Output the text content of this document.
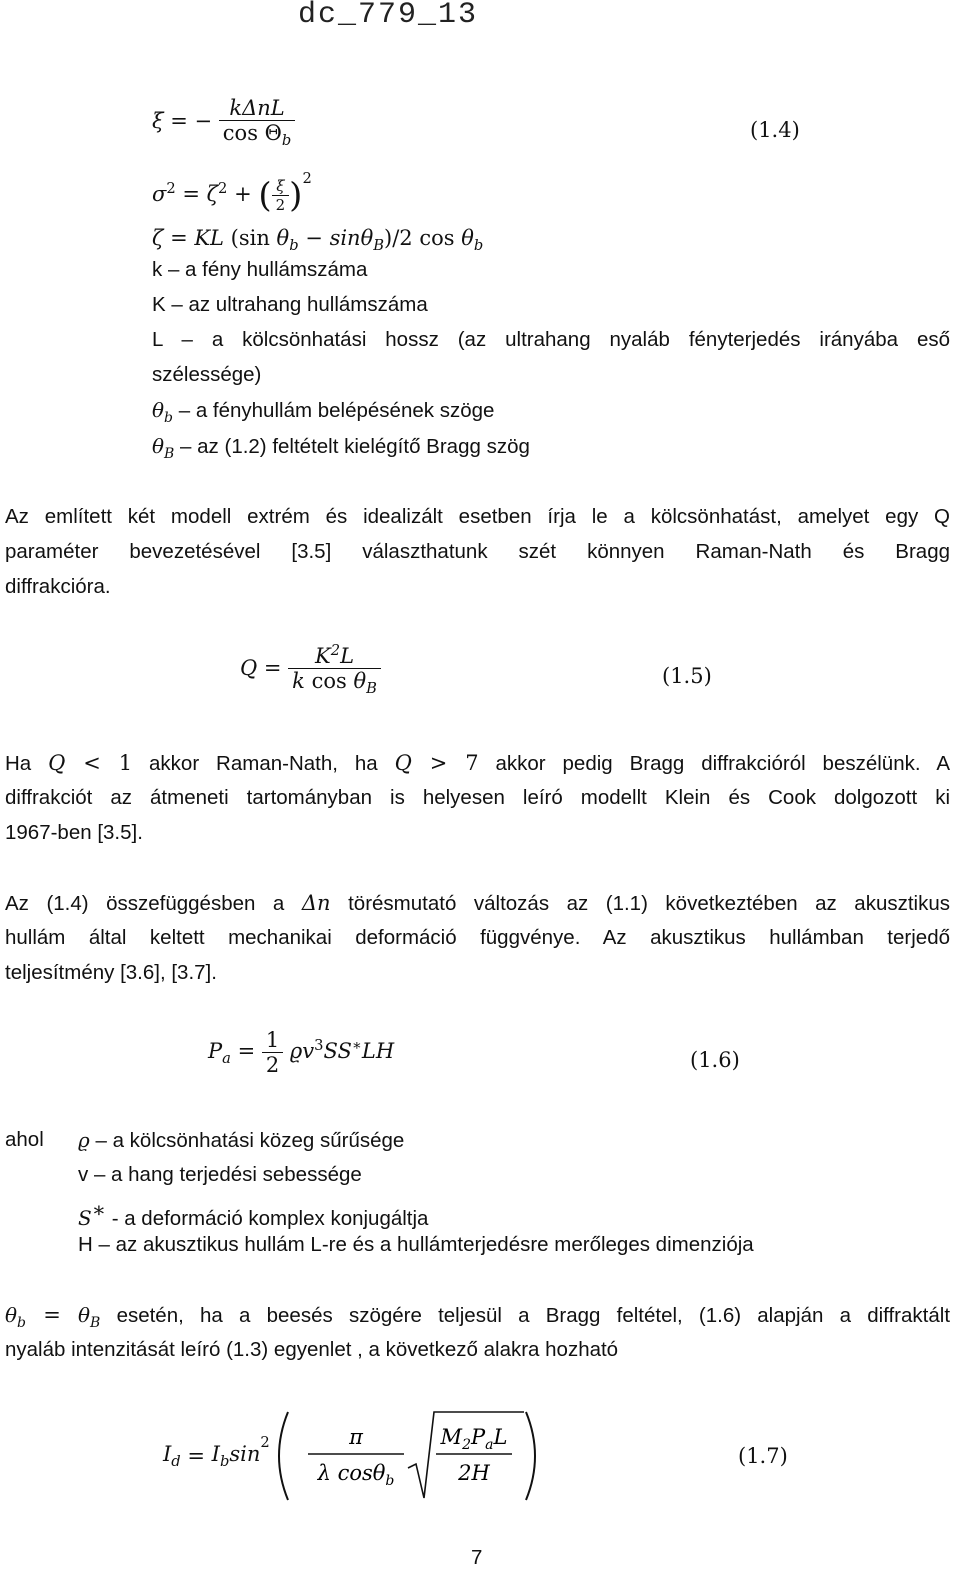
dc_779_13
ξ = − $\frac{\text{kΔnL}}{\cos \Theta_b}$	(1.4)
$\sigma^2 = \zeta^2$ + ( $\frac{\xi}{2} )^2$
ζ = KL (sin $\theta_b - \sin\theta_B)/2$ $\cos \theta_b$
k – a fény hullámszáma
K – az ultrahang hullámszáma
L – a kölcsönhatási hossz (az ultrahang nyaláb fényterjedés irányába eső
szélessége)
$\theta_b$ – a fényhullám belépésének szöge
$\theta_B$ – az (1.2) feltételt kielégítő Bragg szög
Az említett két modell extrém és idealizált esetben írja le a kölcsönhatást, amelyet egy Q
paraméter bevezetésével [3.5] választhatunk szét könnyen Raman-Nath és Bragg
diffrakcióra.
$Q = \frac{K^2L}{k \cos \theta_B}$	(1.5)
Ha Q < 1 akkor Raman-Nath, ha Q > 7 akkor pedig Bragg diffrakcióról beszélünk. A
diffrakciót az átmeneti tartományban is helyesen leíró modellt Klein és Cook dolgozott ki
1967-ben [3.5].
Az (1.4) összefüggésben a Δn törésmutató változás az (1.1) következtében az akusztikus
hullám által keltett mechanikai deformáció függvénye. Az akusztikus hullámban terjedő
teljesítmény [3.6], [3.7].
$P_a = \frac{1}{2} ϱv^3SS^∗LH$	(1.6)
ahol ϱ – a kölcsönhatási közeg sűrűsége
v – a hang terjedési sebessége
S∗ - a deformáció komplex konjugáltja
H – az akusztikus hullám L-re és a hullámterjedésre merőleges dimenziója
$\theta_b = \theta_B$ esetén, ha a beesés szögére teljesül a Bragg feltétel, (1.6) alapján a diffraktált
nyaláb intenzitását leíró (1.3) egyenlet , a következő alakra hozható
$I_d = I_b\sin^2$	π
λ cosθ$_b$
$M_2P_aL$
2H
(1.7)
7
